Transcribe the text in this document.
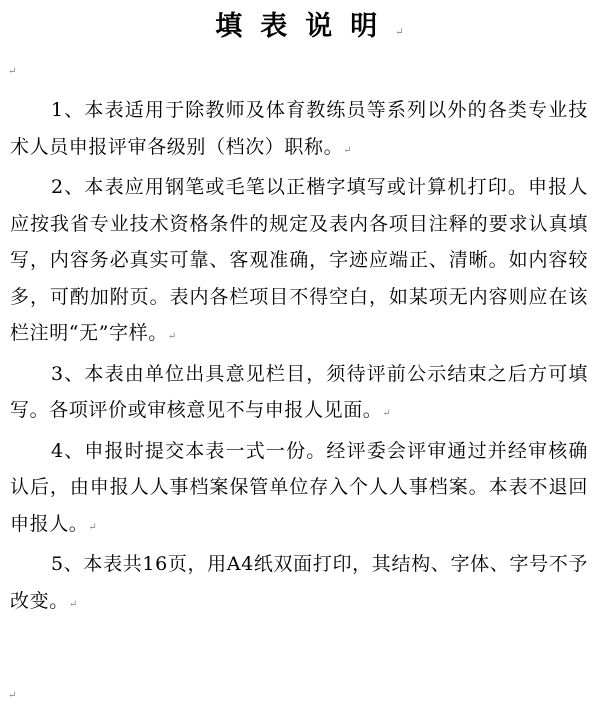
填表说明↵
↵

1、本表适用于除教师及体育教练员等系列以外的各类专业技术人员申报评审各级别（档次）职称。↵

2、本表应用钢笔或毛笔以正楷字填写或计算机打印。申报人应按我省专业技术资格条件的规定及表内各项目注释的要求认真填写，内容务必真实可靠、客观准确，字迹应端正、清晰。如内容较多，可酌加附页。表内各栏项目不得空白，如某项无内容则应在该栏注明“无”字样。↵

3、本表由单位出具意见栏目，须待评前公示结束之后方可填写。各项评价或审核意见不与申报人见面。↵

4、申报时提交本表一式一份。经评委会评审通过并经审核确认后，由申报人人事档案保管单位存入个人人事档案。本表不退回申报人。↵

5、本表共16页，用A4纸双面打印，其结构、字体、字号不予改变。↵

↵
